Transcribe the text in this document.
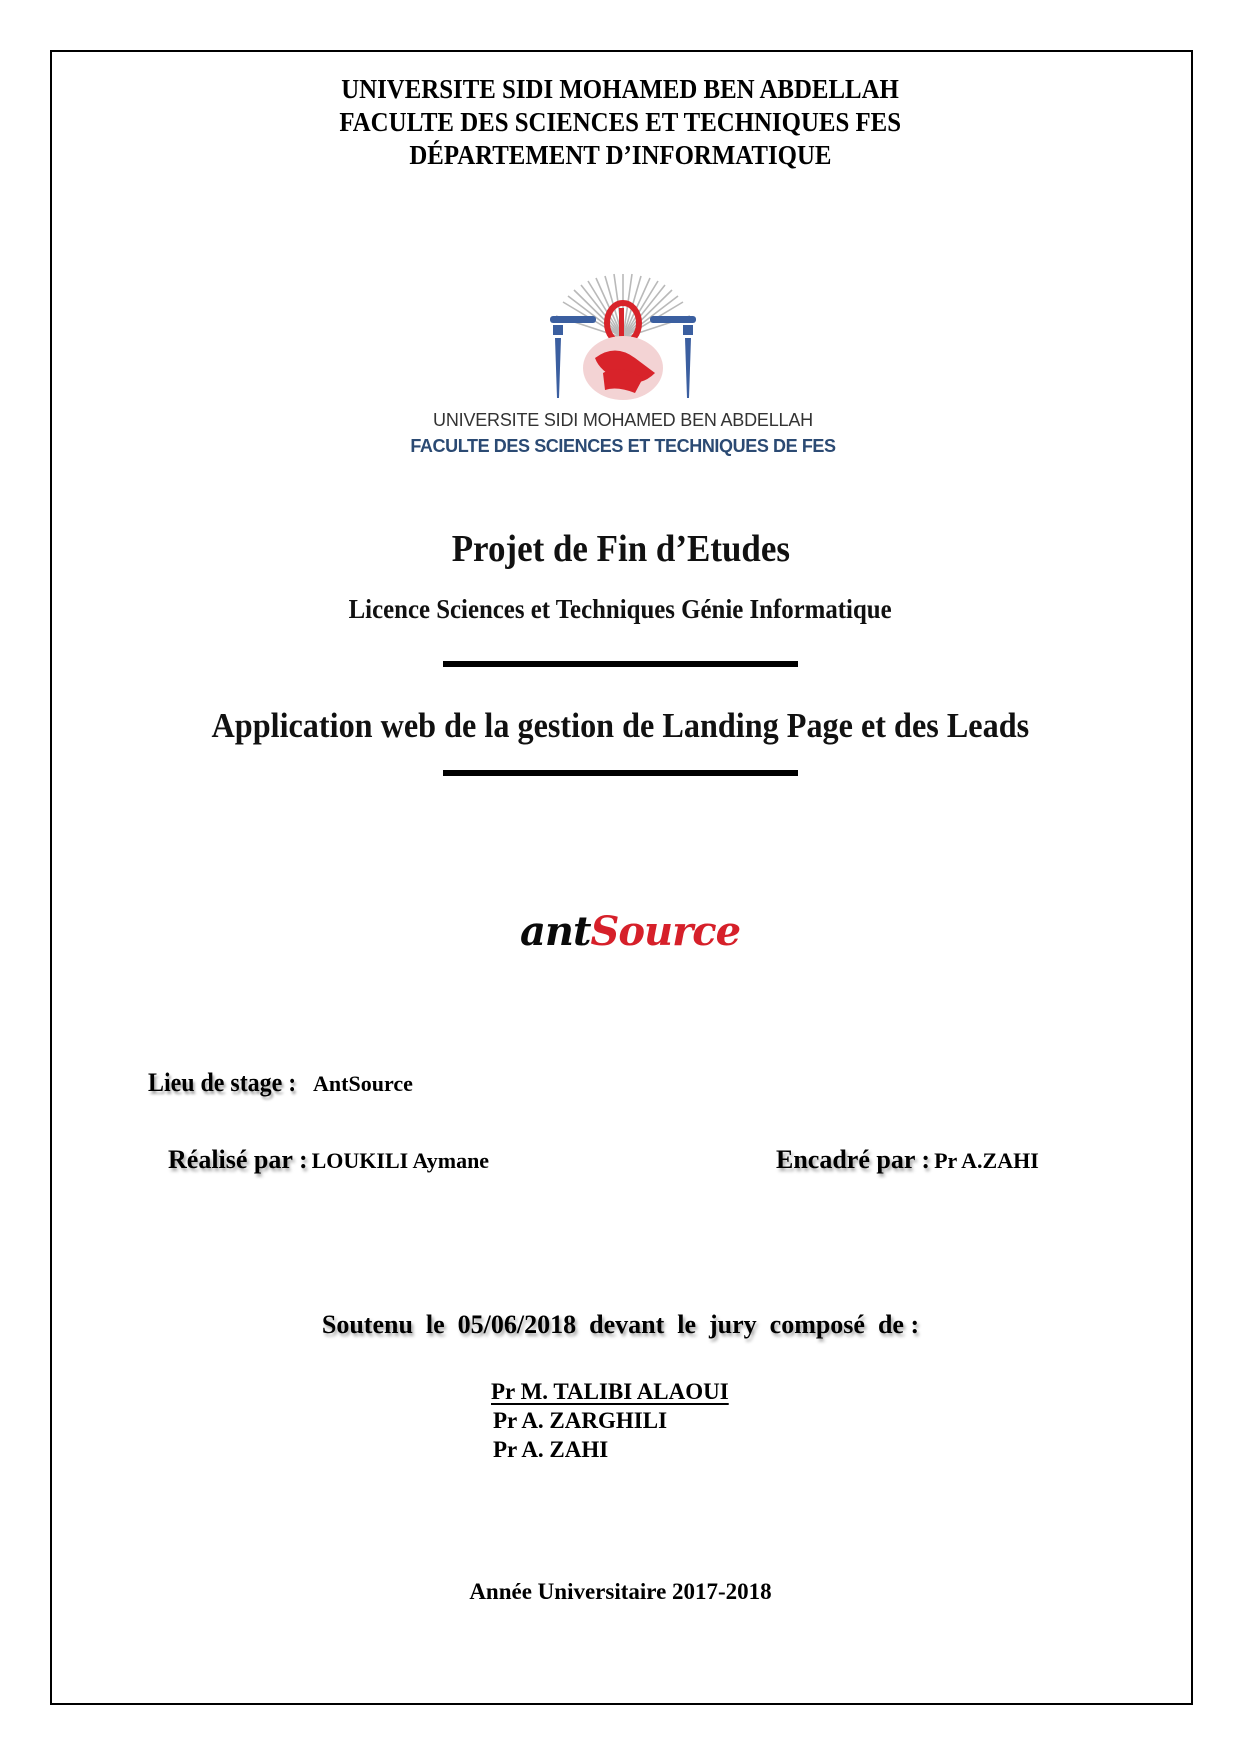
UNIVERSITE SIDI MOHAMED BEN ABDELLAH
FACULTE DES SCIENCES ET TECHNIQUES FES
DÉPARTEMENT D’INFORMATIQUE
UNIVERSITE SIDI MOHAMED BEN ABDELLAH
FACULTE DES SCIENCES ET TECHNIQUES DE FES
Projet de Fin d’Etudes
Licence Sciences et Techniques Génie Informatique
Application web de la gestion de Landing Page et des Leads
antSource
Lieu de stage : AntSource
Réalisé par : LOUKILI Aymane	Encadré par : Pr A.ZAHI
Soutenu  le  05/06/2018  devant  le  jury  composé  de :
Pr M. TALIBI ALAOUI
Pr A. ZARGHILI
Pr A. ZAHI
Année Universitaire 2017-2018
